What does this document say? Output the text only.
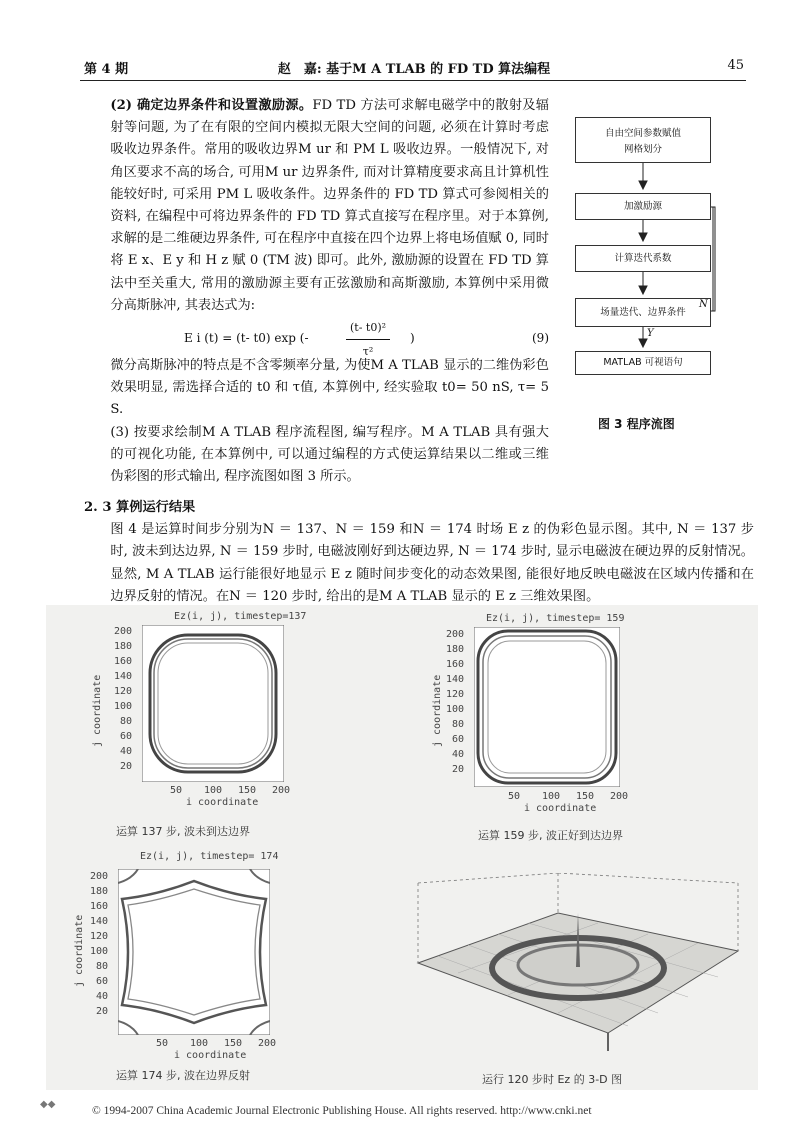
第 4 期	赵　嘉: 基于M A TLAB 的 FD TD 算法编程	45

(2) 确定边界条件和设置激励源。FD TD 方法可求解电磁学中的散射及辐射等问题, 为了在有限的空间内模拟无限大空间的问题, 必须在计算时考虑吸收边界条件。常用的吸收边界M ur 和 PM L 吸收边界。一般情况下, 对角区要求不高的场合, 可用M ur 边界条件, 而对计算精度要求高且计算机性能较好时, 可采用 PM L 吸收条件。边界条件的 FD TD 算式可参阅相关的资料, 在编程中可将边界条件的 FD TD 算式直接写在程序里。对于本算例, 求解的是二维硬边界条件, 可在程序中直接在四个边界上将电场值赋 0, 同时将 E x、E y 和 H z 赋 0 (TM 波) 即可。此外, 激励源的设置在 FD TD 算法中至关重大, 常用的激励源主要有正弦激励和高斯激励, 本算例中采用微分高斯脉冲, 其表达式为:

E i (t) = (t- t0) exp (-	$\frac{\text{(t- t0)²}}{\text{τ²}}$ )	(9)

微分高斯脉冲的特点是不含零频率分量, 为使M A TLAB 显示的二维伪彩色效果明显, 需选择合适的 t0 和 τ值, 本算例中, 经实验取 t0= 50 nS, τ= 5 S.

(3) 按要求绘制M A TLAB 程序流程图, 编写程序。M A TLAB 具有强大的可视化功能, 在本算例中, 可以通过编程的方式使运算结果以二维或三维伪彩图的形式输出, 程序流图如图 3 所示。

2. 3 算例运行结果
图 4 是运算时间步分别为N ＝ 137、N ＝ 159 和N ＝ 174 时场 E z 的伪彩色显示图。其中, N ＝ 137 步时, 波未到达边界, N ＝ 159 步时, 电磁波刚好到达硬边界, N ＝ 174 步时, 显示电磁波在硬边界的反射情况。显然, M A TLAB 运行能很好地显示 E z 随时间步变化的动态效果图, 能很好地反映电磁波在区域内传播和在边界反射的情况。在N ＝ 120 步时, 给出的是M A TLAB 显示的 E z 三维效果图。
自由空间参数赋值
网格划分
加激励源
计算迭代系数
场量迭代、边界条件
MATLAB 可视语句
N
Y
图 3 程序流图
Ez(i, j), timestep=137
200
180
160
140
120
100
80
60
40
20
j coordinate
50 100 150 200
i coordinate
运算 137 步, 波未到达边界
Ez(i, j), timestep= 159
200
180
160
140
120
100
80
60
40
20
j coordinate
50 100 150 200
i coordinate
运算 159 步, 波正好到达边界
Ez(i, j), timestep= 174
200
180
160
140
120
100
80
60
40
20
j coordinate
50 100 150 200
i coordinate
运算 174 步, 波在边界反射	运行 120 步时 Ez 的 3-D 图
◆◆
© 1994-2007 China Academic Journal Electronic Publishing House. All rights reserved. http://www.cnki.net
